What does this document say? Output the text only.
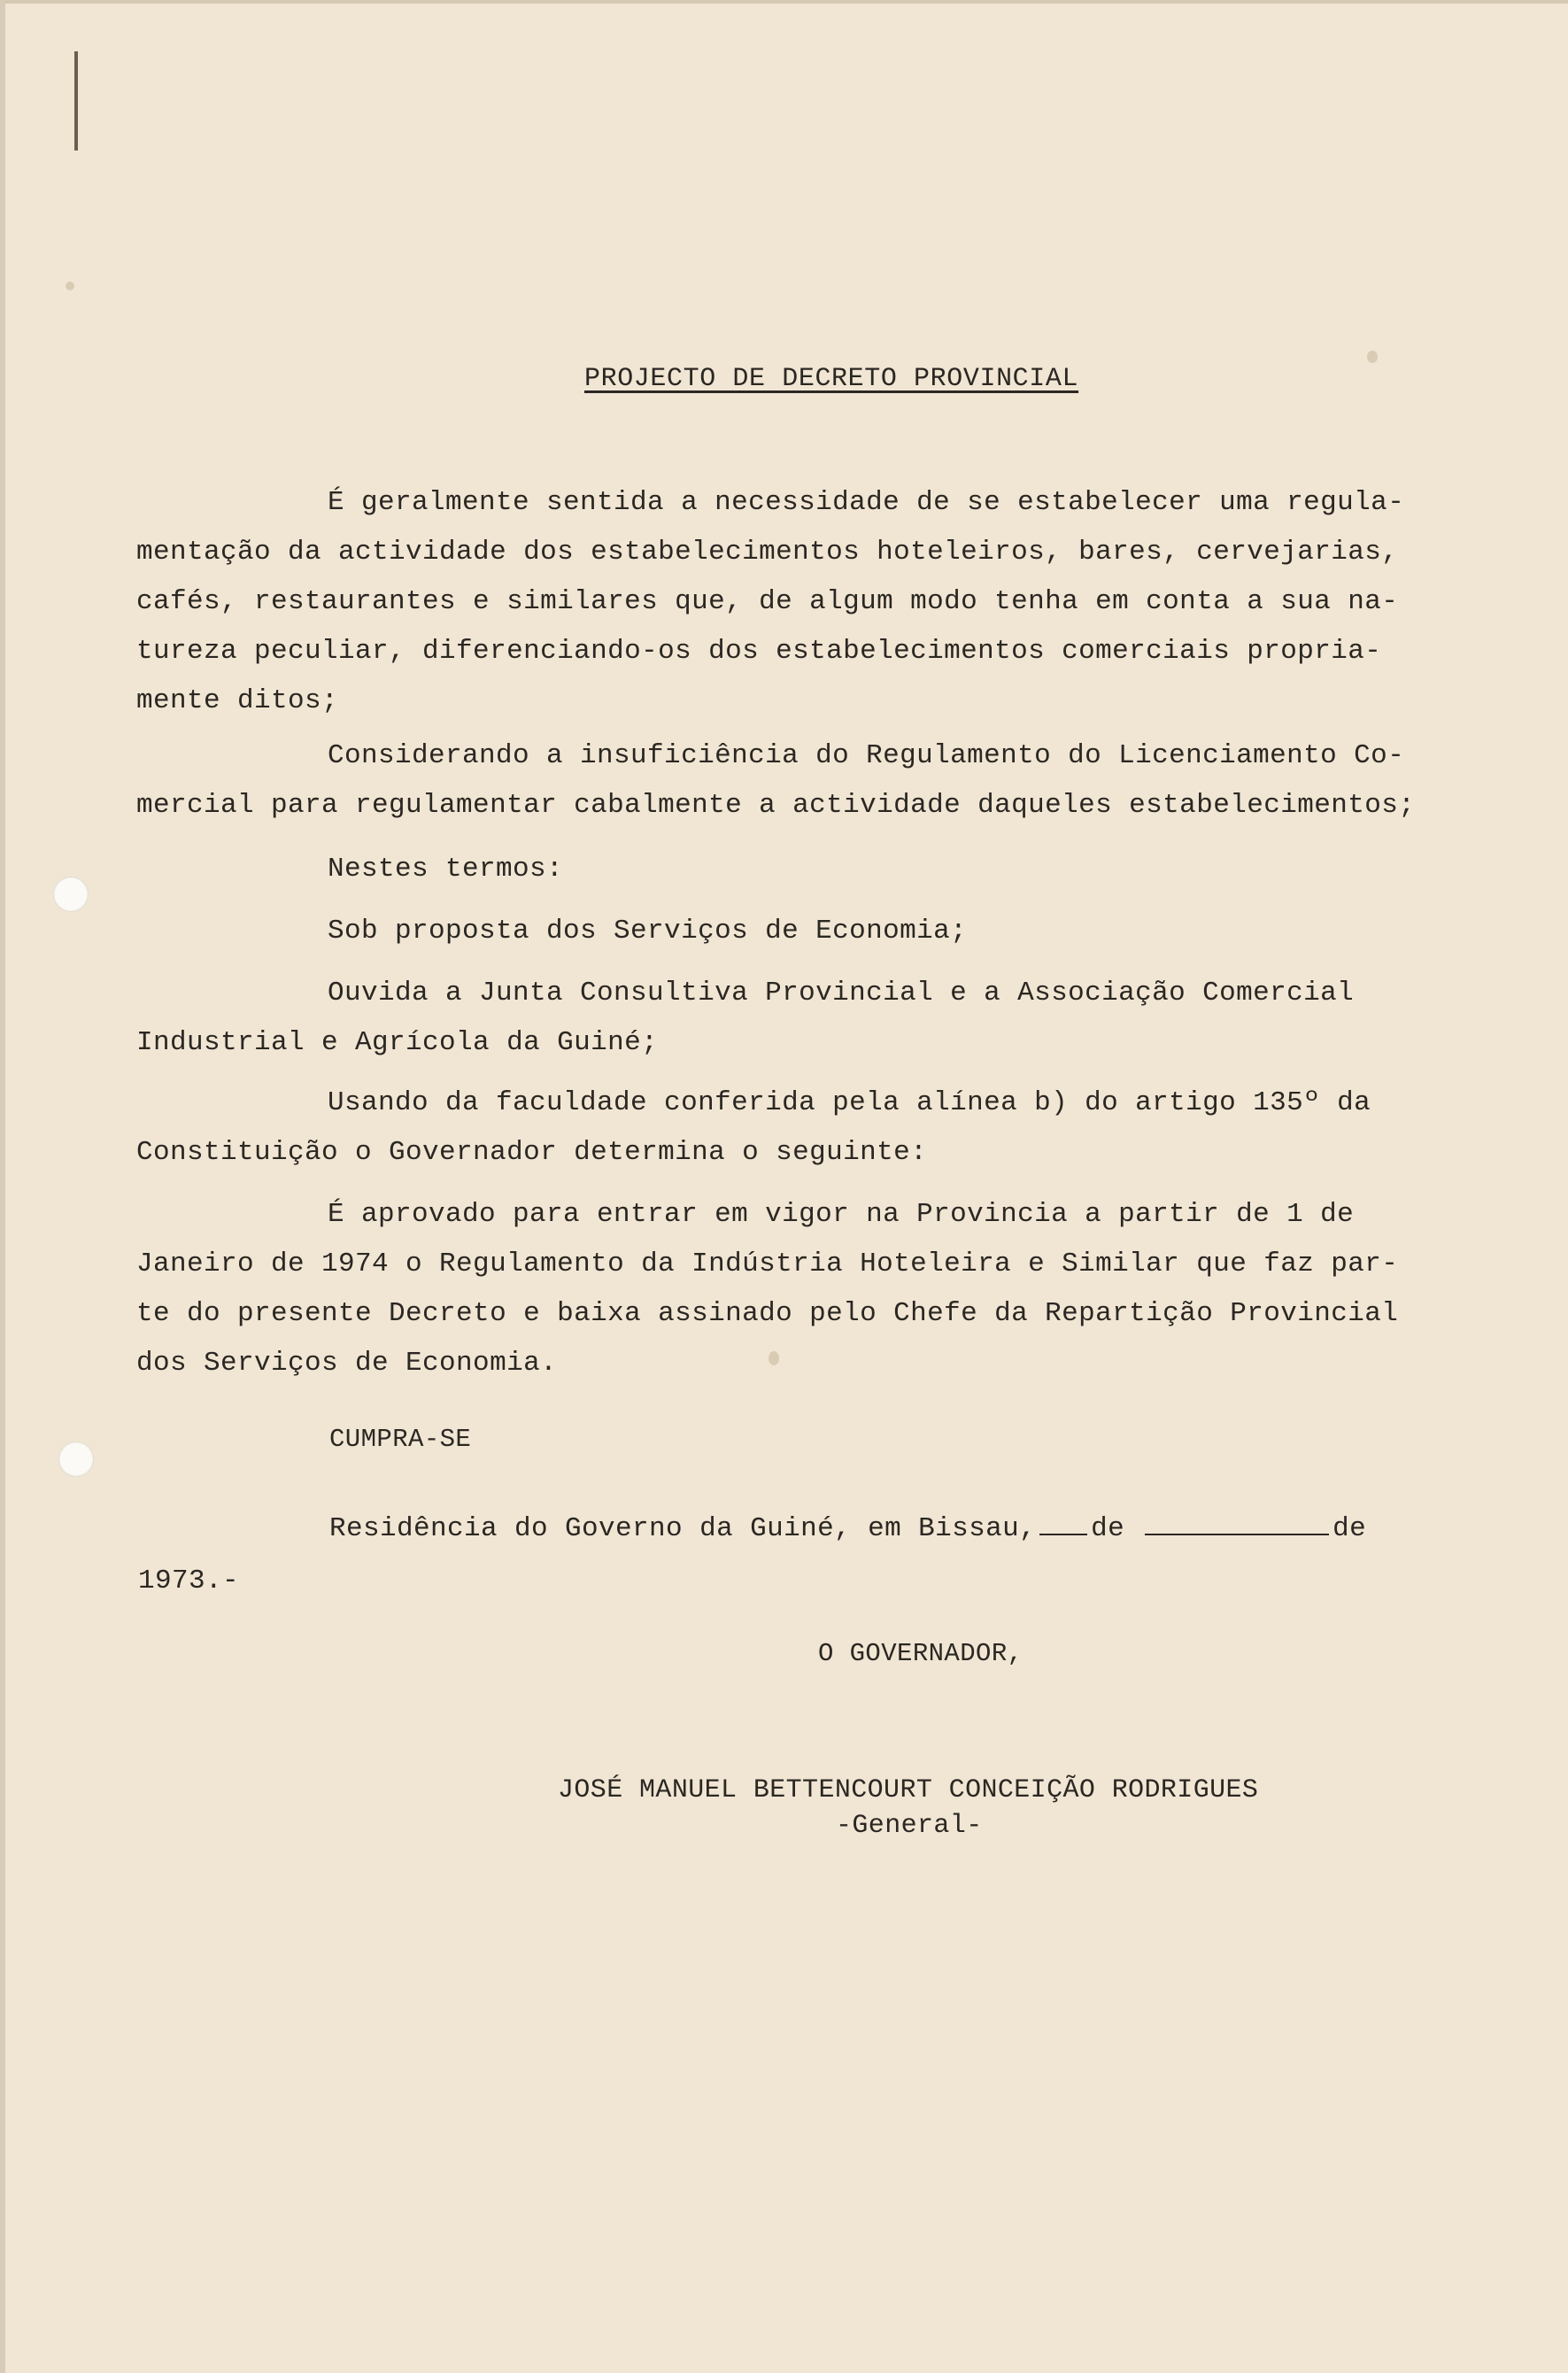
PROJECTO DE DECRETO PROVINCIAL
É geralmente sentida a necessidade de se estabelecer uma regula-
mentação da actividade dos estabelecimentos hoteleiros, bares, cervejarias,
cafés, restaurantes e similares que, de algum modo tenha em conta a sua na-
tureza peculiar, diferenciando-os dos estabelecimentos comerciais propria-
mente ditos;
Considerando a insuficiência do Regulamento do Licenciamento Co-
mercial para regulamentar cabalmente a actividade daqueles estabelecimentos;
Nestes termos:
Sob proposta dos Serviços de Economia;
Ouvida a Junta Consultiva Provincial e a Associação Comercial
Industrial e Agrícola da Guiné;
Usando da faculdade conferida pela alínea b) do artigo 135º da
Constituição o Governador determina o seguinte:
É aprovado para entrar em vigor na Provincia a partir de 1 de
Janeiro de 1974 o Regulamento da Indústria Hoteleira e Similar que faz par-
te do presente Decreto e baixa assinado pelo Chefe da Repartição Provincial
dos Serviços de Economia.
CUMPRA-SE
Residência do Governo da Guiné, em Bissau, de	de
1973.-
O GOVERNADOR,
JOSÉ MANUEL BETTENCOURT CONCEIÇÃO RODRIGUES
-General-
